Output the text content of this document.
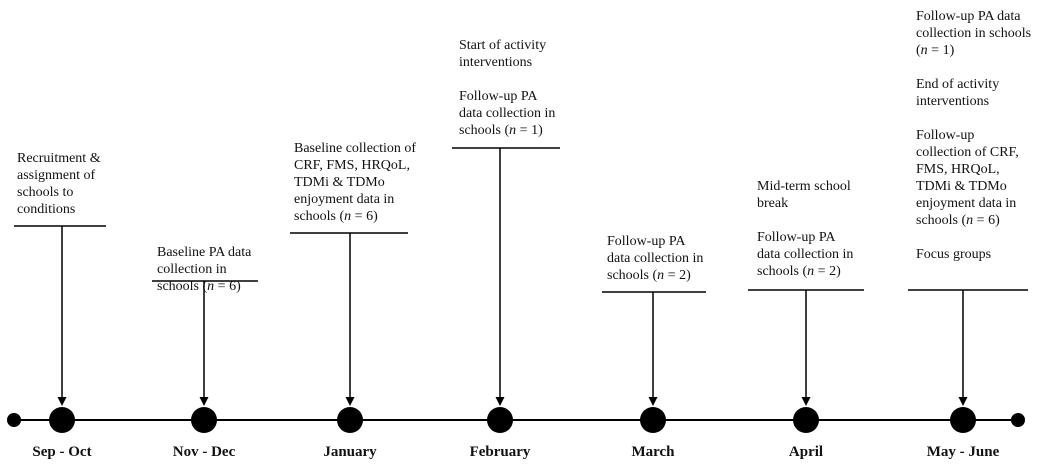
Recruitment &

assignment of

schools to

conditions

Sep - Oct

Baseline PA data

collection in

schools (n = 6)

Nov - Dec

Baseline collection of

CRF, FMS, HRQoL,

TDMi & TDMo

enjoyment data in

schools (n = 6)

January

Start of activity

interventions

Follow-up PA

data collection in

schools (n = 1)

February

Follow-up PA

data collection in

schools (n = 2)

March

Mid-term school

break

Follow-up PA

data collection in

schools (n = 2)

April

Follow-up PA data

collection in schools

(n = 1)

End of activity

interventions

Follow-up

collection of CRF,

FMS, HRQoL,

TDMi & TDMo

enjoyment data in

schools (n = 6)

Focus groups

May - June
